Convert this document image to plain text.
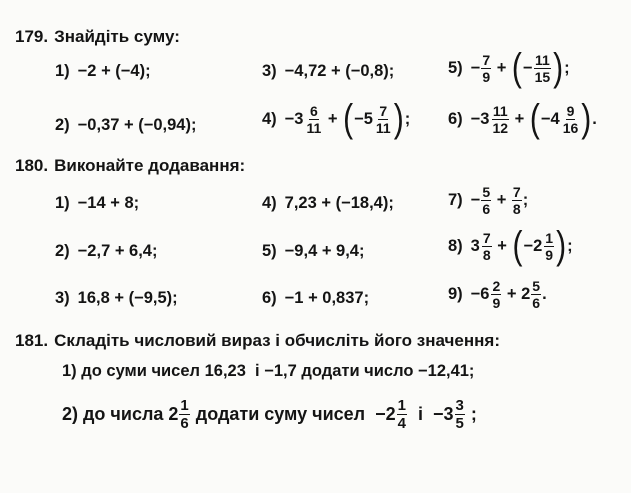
179. Знайдіть суму:
1) −2 + (−4);	3) −4,72 + (−0,8);	$5) - \frac{7}{9}$ + ( − $\frac{11}{15}$ ) ;
2) −0,37 + (−0,94);	$4) -3 \frac{6}{11}$ + ( $-5 \frac{7}{11}$ ) ; $6) -3 \frac{11}{12}$ + ( $-4 \frac{9}{16}$ ) .
180. Виконайте додавання:
1) −14 + 8;	4) 7,23 + (−18,4);	$7) - \frac{5}{6} + \frac{7}{8}$ ;
2) −2,7 + 6,4;	5) −9,4 + 9,4;	8) $3 \frac{7}{8}$ + ( $-2 \frac{1}{9}$ ) ;
3) 16,8 + (−9,5);	6) −1 + 0,837;	$9) -6 \frac{2}{9} + 2 \frac{5}{6}$ .
181. Складіть числовий вираз і обчисліть його значення:
1) до суми чисел 16,23  і −1,7 додати число −12,41;
2) до числа $2 \frac{1}{6}$ додати суму чисел  $-2 \frac{1}{4}$ $і -3 \frac{3}{5}$ ;
